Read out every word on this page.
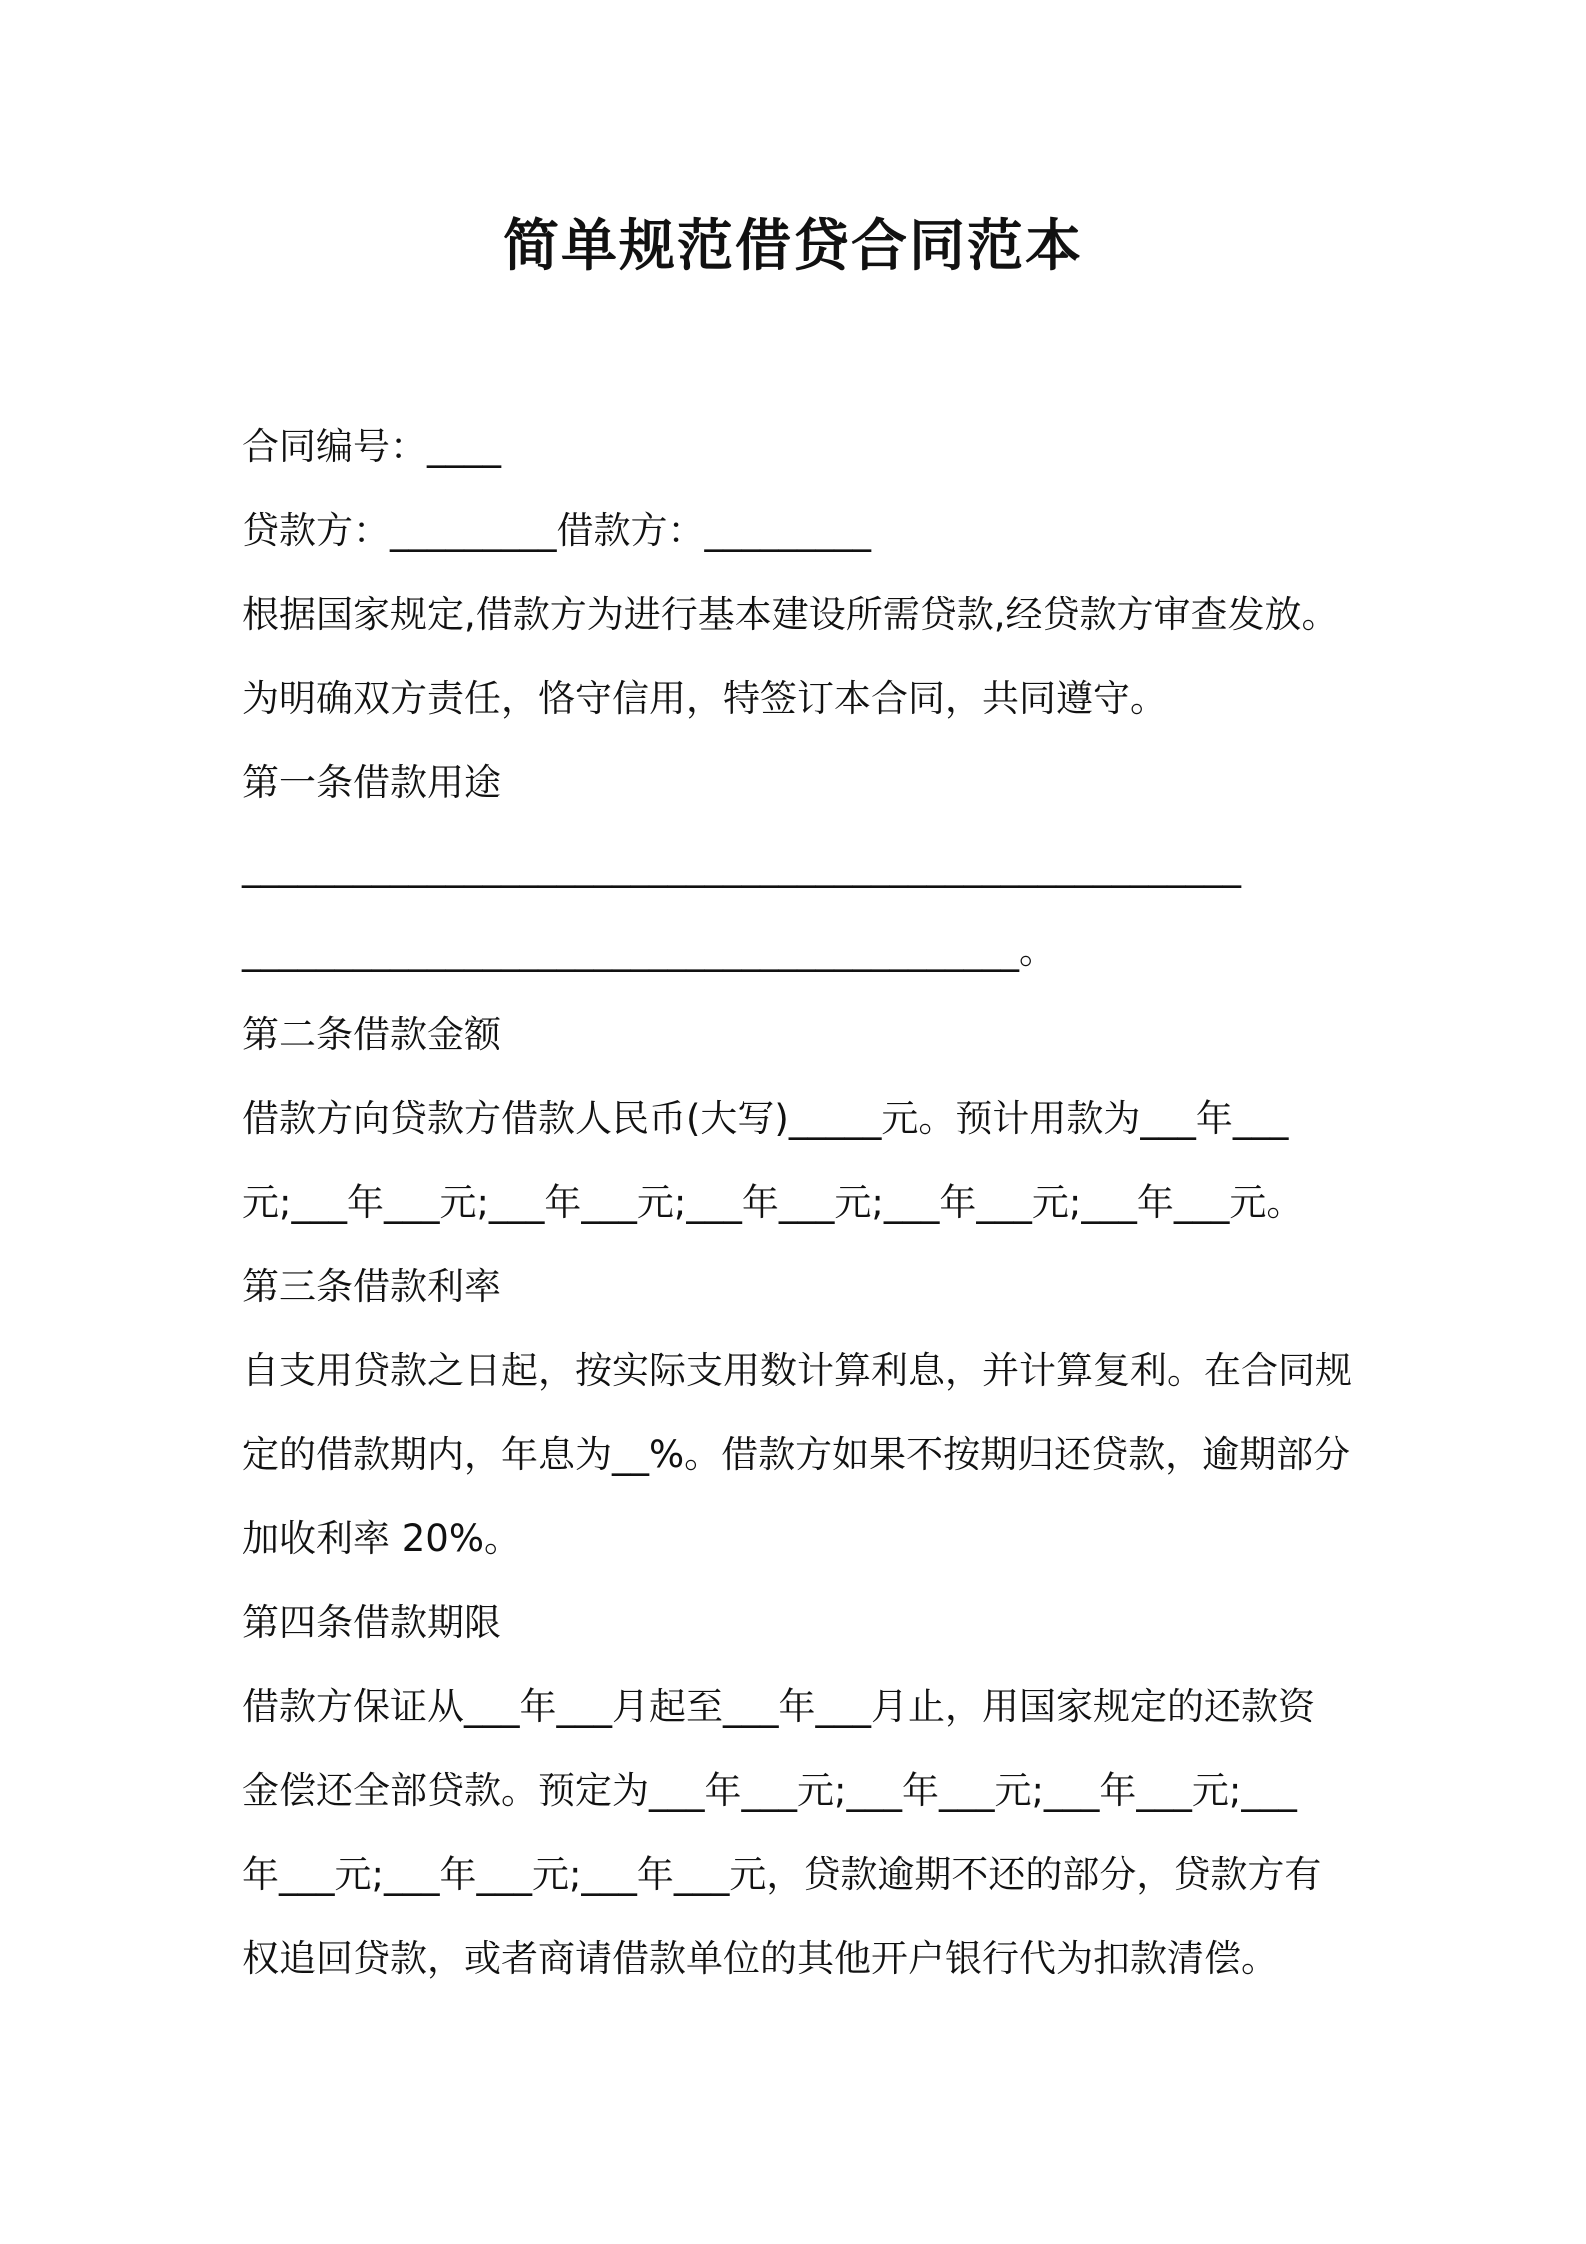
简单规范借贷合同范本
合同编号：____
贷款方：_________借款方：_________
根据国家规定,借款方为进行基本建设所需贷款,经贷款方审查发放。
为明确双方责任，恪守信用，特签订本合同，共同遵守。
第一条借款用途
______________________________________________________
__________________________________________。
第二条借款金额
借款方向贷款方借款人民币(大写)_____元。预计用款为___年___
元;___年___元;___年___元;___年___元;___年___元;___年___元。
第三条借款利率
自支用贷款之日起，按实际支用数计算利息，并计算复利。在合同规
定的借款期内，年息为__%。借款方如果不按期归还贷款，逾期部分
加收利率 20%。
第四条借款期限
借款方保证从___年___月起至___年___月止，用国家规定的还款资
金偿还全部贷款。预定为___年___元;___年___元;___年___元;___
年___元;___年___元;___年___元，贷款逾期不还的部分，贷款方有
权追回贷款，或者商请借款单位的其他开户银行代为扣款清偿。
